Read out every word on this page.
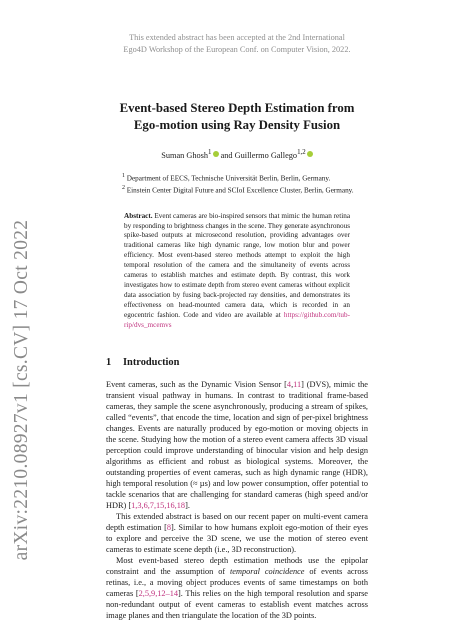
arXiv:2210.08927v1 [cs.CV] 17 Oct 2022
This extended abstract has been accepted at the 2nd International
Ego4D Workshop of the European Conf. on Computer Vision, 2022.
Event-based Stereo Depth Estimation from
Ego-motion using Ray Density Fusion
Suman Ghosh$^1$ and Guillermo Gallego$^{1,2}$
$^1$ Department of EECS, Technische Universität Berlin, Berlin, Germany.
$^2$ Einstein Center Digital Future and SCIoI Excellence Cluster, Berlin, Germany.
Abstract. Event cameras are bio-inspired sensors that mimic the human retina by responding to brightness changes in the scene. They generate asynchronous spike-based outputs at microsecond resolution, providing advantages over traditional cameras like high dynamic range, low motion blur and power efficiency. Most event-based stereo methods attempt to exploit the high temporal resolution of the camera and the simultaneity of events across cameras to establish matches and estimate depth. By contrast, this work investigates how to estimate depth from stereo event cameras without explicit data association by fusing back-projected ray densities, and demonstrates its effectiveness on head-mounted camera data, which is recorded in an egocentric fashion. Code and video are available at https://github.com/tub-rip/dvs_mcemvs
1 Introduction

Event cameras, such as the Dynamic Vision Sensor [4,11] (DVS), mimic the transient visual pathway in humans. In contrast to traditional frame-based cameras, they sample the scene asynchronously, producing a stream of spikes, called “events”, that encode the time, location and sign of per-pixel brightness changes. Events are naturally produced by ego-motion or moving objects in the scene. Studying how the motion of a stereo event camera affects 3D visual perception could improve understanding of binocular vision and help design algorithms as efficient and robust as biological systems. Moreover, the outstanding properties of event cameras, such as high dynamic range (HDR), high temporal resolution (≈ µs) and low power consumption, offer potential to tackle scenarios that are challenging for standard cameras (high speed and/or HDR) [1,3,6,7,15,16,18].

This extended abstract is based on our recent paper on multi-event camera depth estimation [8]. Similar to how humans exploit ego-motion of their eyes to explore and perceive the 3D scene, we use the motion of stereo event cameras to estimate scene depth (i.e., 3D reconstruction).

Most event-based stereo depth estimation methods use the epipolar constraint and the assumption of temporal coincidence of events across retinas, i.e., a moving object produces events of same timestamps on both cameras [2,5,9,12–14]. This relies on the high temporal resolution and sparse non-redundant output of event cameras to establish event matches across image planes and then triangulate the location of the 3D points.
